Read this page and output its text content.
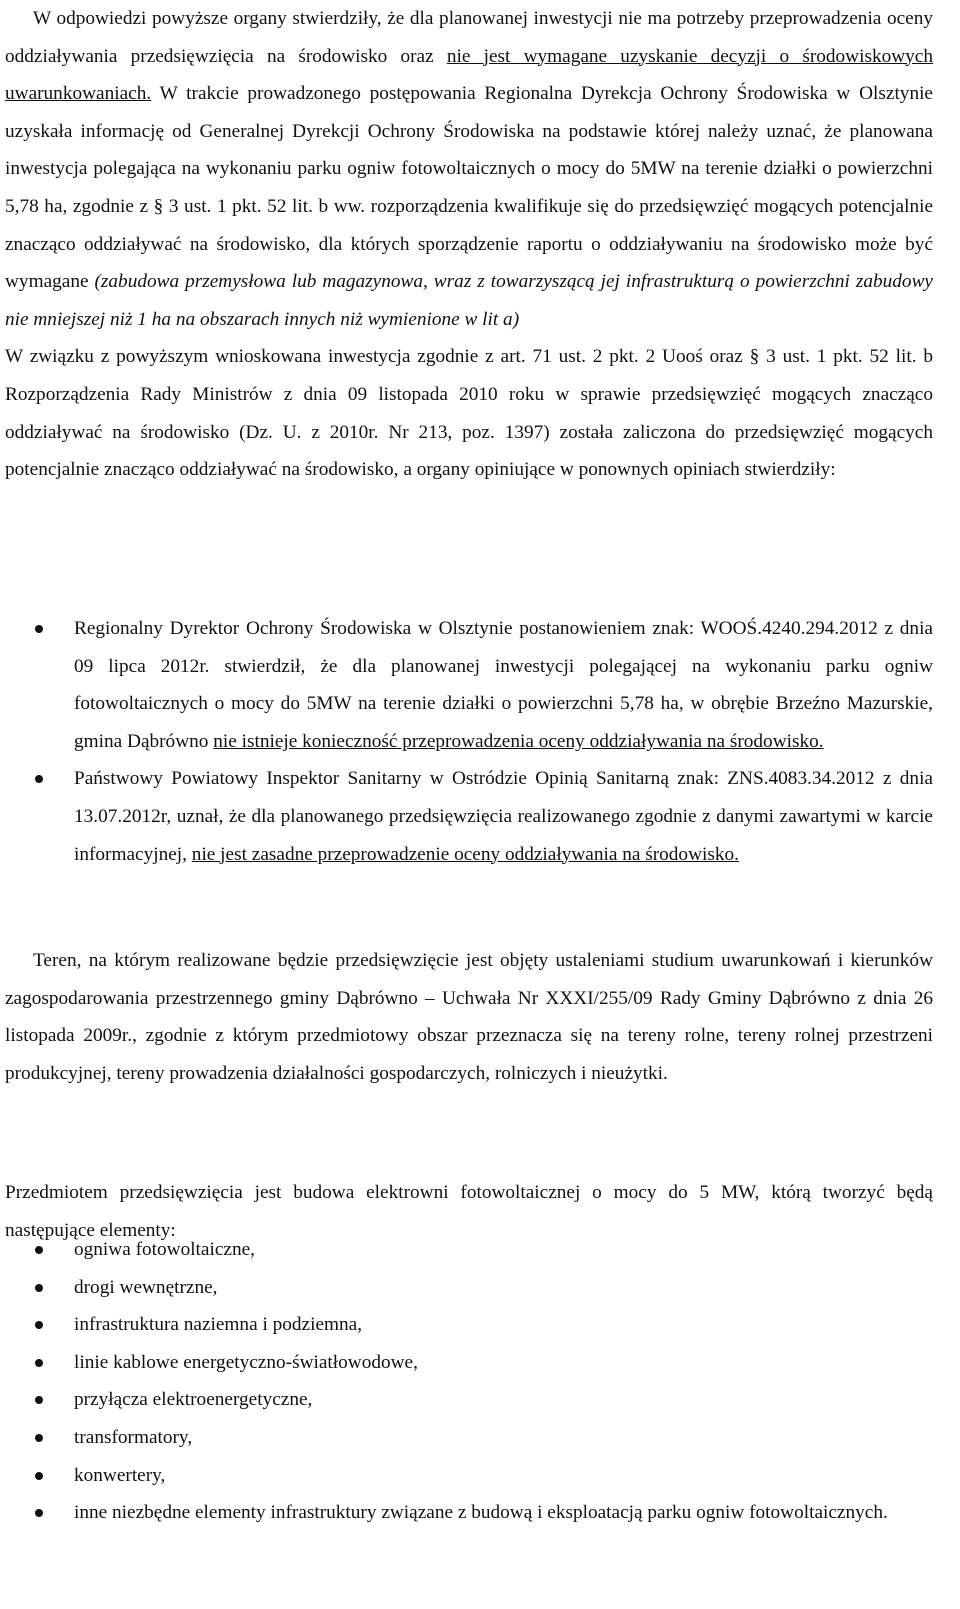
W odpowiedzi powyższe organy stwierdziły, że dla planowanej inwestycji nie ma potrzeby przeprowadzenia oceny oddziaływania przedsięwzięcia na środowisko oraz nie jest wymagane uzyskanie decyzji o środowiskowych uwarunkowaniach. W trakcie prowadzonego postępowania Regionalna Dyrekcja Ochrony Środowiska w Olsztynie uzyskała informację od Generalnej Dyrekcji Ochrony Środowiska na podstawie której należy uznać, że planowana inwestycja polegająca na wykonaniu parku ogniw fotowoltaicznych o mocy do 5MW na terenie działki o powierzchni 5,78 ha, zgodnie z § 3 ust. 1 pkt. 52 lit. b ww. rozporządzenia kwalifikuje się do przedsięwzięć mogących potencjalnie znacząco oddziaływać na środowisko, dla których sporządzenie raportu o oddziaływaniu na środowisko może być wymagane (zabudowa przemysłowa lub magazynowa, wraz z towarzyszącą jej infrastrukturą o powierzchni zabudowy nie mniejszej niż 1 ha na obszarach innych niż wymienione w lit a)
W związku z powyższym wnioskowana inwestycja zgodnie z art. 71 ust. 2 pkt. 2 Uooś oraz § 3 ust. 1 pkt. 52 lit. b Rozporządzenia Rady Ministrów z dnia 09 listopada 2010 roku w sprawie przedsięwzięć mogących znacząco oddziaływać na środowisko (Dz. U. z 2010r. Nr 213, poz. 1397) została zaliczona do przedsięwzięć mogących potencjalnie znacząco oddziaływać na środowisko, a organy opiniujące w ponownych opiniach stwierdziły:

Regionalny Dyrektor Ochrony Środowiska w Olsztynie postanowieniem znak: WOOŚ.4240.294.2012 z dnia 09 lipca 2012r. stwierdził, że dla planowanej inwestycji polegającej na wykonaniu parku ogniw fotowoltaicznych o mocy do 5MW na terenie działki o powierzchni 5,78 ha, w obrębie Brzeźno Mazurskie, gmina Dąbrówno nie istnieje konieczność przeprowadzenia oceny oddziaływania na środowisko.
Państwowy Powiatowy Inspektor Sanitarny w Ostródzie Opinią Sanitarną znak: ZNS.4083.34.2012 z dnia 13.07.2012r, uznał, że dla planowanego przedsięwzięcia realizowanego zgodnie z danymi zawartymi w karcie informacyjnej, nie jest zasadne przeprowadzenie oceny oddziaływania na środowisko.

Teren, na którym realizowane będzie przedsięwzięcie jest objęty ustaleniami studium uwarunkowań i kierunków zagospodarowania przestrzennego gminy Dąbrówno – Uchwała Nr XXXI/255/09 Rady Gminy Dąbrówno z dnia 26 listopada 2009r., zgodnie z którym przedmiotowy obszar przeznacza się na tereny rolne, tereny rolnej przestrzeni produkcyjnej, tereny prowadzenia działalności gospodarczych, rolniczych i nieużytki.

Przedmiotem przedsięwzięcia jest budowa elektrowni fotowoltaicznej o mocy do 5 MW, którą tworzyć będą następujące elementy:

ogniwa fotowoltaiczne,
drogi wewnętrzne,
infrastruktura naziemna i podziemna,
linie kablowe energetyczno-światłowodowe,
przyłącza elektroenergetyczne,
transformatory,
konwertery,
inne niezbędne elementy infrastruktury związane z budową i eksploatacją parku ogniw fotowoltaicznych.
